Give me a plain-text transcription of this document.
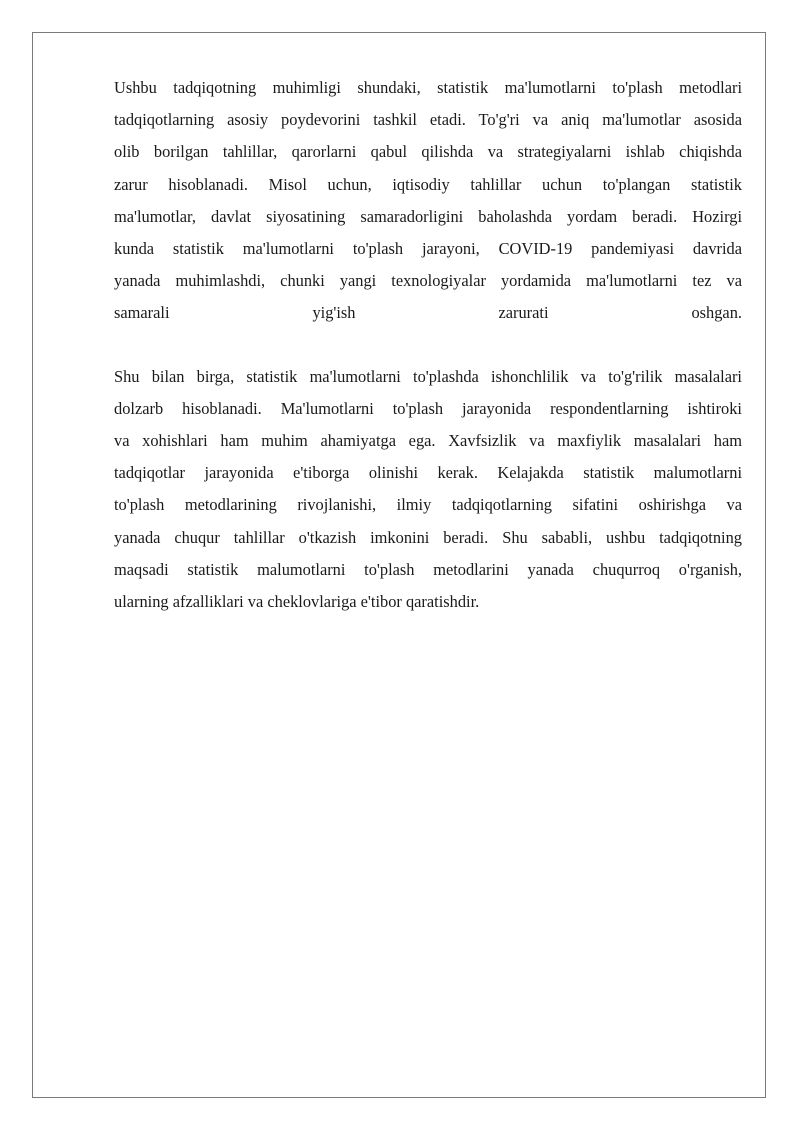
Ushbu tadqiqotning muhimligi shundaki, statistik ma'lumotlarni to'plash metodlari
tadqiqotlarning asosiy poydevorini tashkil etadi. To'g'ri va aniq ma'lumotlar asosida
olib borilgan tahlillar, qarorlarni qabul qilishda va strategiyalarni ishlab chiqishda
zarur hisoblanadi. Misol uchun, iqtisodiy tahlillar uchun to'plangan statistik
ma'lumotlar, davlat siyosatining samaradorligini baholashda yordam beradi. Hozirgi
kunda statistik ma'lumotlarni to'plash jarayoni, COVID-19 pandemiyasi davrida
yanada muhimlashdi, chunki yangi texnologiyalar yordamida ma'lumotlarni tez va
samarali yig'ish zarurati oshgan.

Shu bilan birga, statistik ma'lumotlarni to'plashda ishonchlilik va to'g'rilik masalalari
dolzarb hisoblanadi. Ma'lumotlarni to'plash jarayonida respondentlarning ishtiroki
va xohishlari ham muhim ahamiyatga ega. Xavfsizlik va maxfiylik masalalari ham
tadqiqotlar jarayonida e'tiborga olinishi kerak. Kelajakda statistik malumotlarni
to'plash metodlarining rivojlanishi, ilmiy tadqiqotlarning sifatini oshirishga va
yanada chuqur tahlillar o'tkazish imkonini beradi. Shu sababli, ushbu tadqiqotning
maqsadi statistik malumotlarni to'plash metodlarini yanada chuqurroq o'rganish,
ularning afzalliklari va cheklovlariga e'tibor qaratishdir.
